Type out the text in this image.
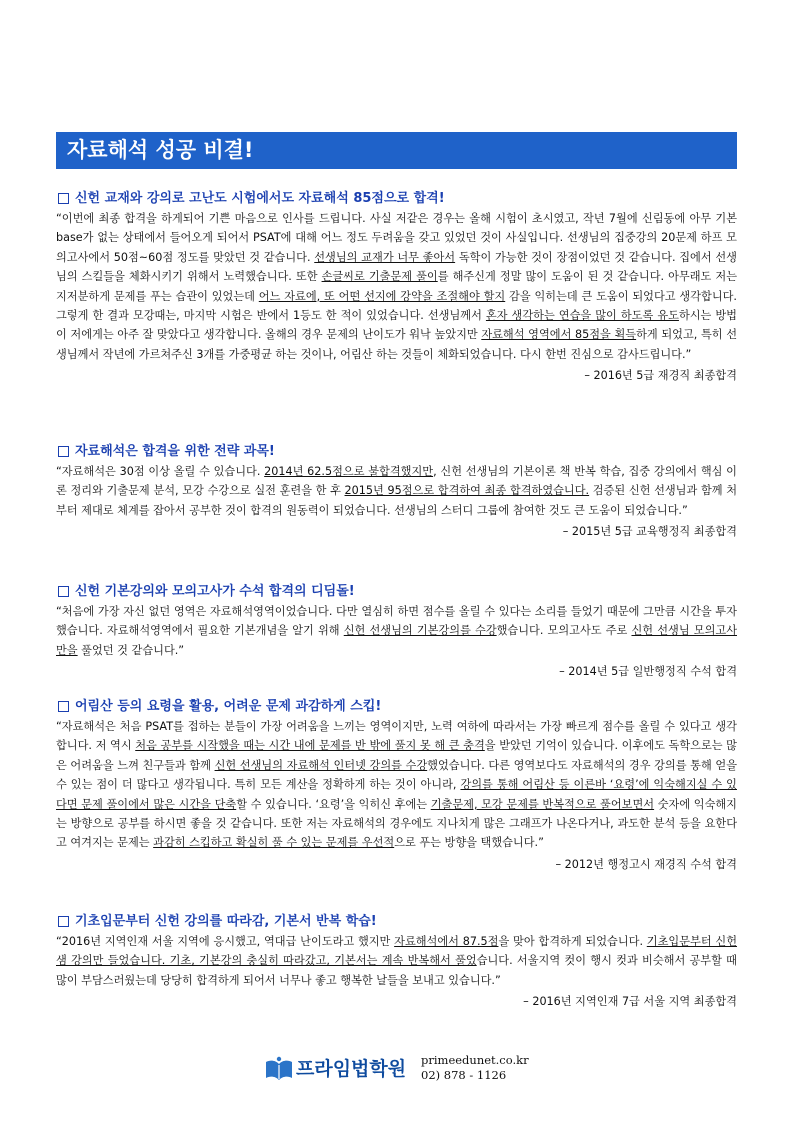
자료해석 성공 비결!
신헌 교재와 강의로 고난도 시험에서도 자료해석 85점으로 합격!

“이번에 최종 합격을 하게되어 기쁜 마음으로 인사를 드립니다. 사실 저같은 경우는 올해 시험이 초시였고, 작년 7월에 신림동에 아무 기본 base가 없는 상태에서 들어오게 되어서 PSAT에 대해 어느 정도 두려움을 갖고 있었던 것이 사실입니다. 선생님의 집중강의 20문제 하프 모의고사에서 50점~60점 정도를 맞았던 것 같습니다. 선생님의 교재가 너무 좋아서 독학이 가능한 것이 장점이었던 것 같습니다. 집에서 선생님의 스킬들을 체화시키기 위해서 노력했습니다. 또한 손글씨로 기출문제 풀이를 해주신게 정말 많이 도움이 된 것 같습니다. 아무래도 저는 지저분하게 문제를 푸는 습관이 있었는데 어느 자료에, 또 어떤 선지에 강약을 조절해야 할지 감을 익히는데 큰 도움이 되었다고 생각합니다. 그렇게 한 결과 모강때는, 마지막 시험은 반에서 1등도 한 적이 있었습니다. 선생님께서 혼자 생각하는 연습을 많이 하도록 유도하시는 방법이 저에게는 아주 잘 맞았다고 생각합니다. 올해의 경우 문제의 난이도가 워낙 높았지만 자료해석 영역에서 85점을 획득하게 되었고, 특히 선생님께서 작년에 가르쳐주신 3개를 가중평균 하는 것이나, 어림산 하는 것들이 체화되었습니다. 다시 한번 진심으로 감사드립니다.”

– 2016년 5급 재경직 최종합격
자료해석은 합격을 위한 전략 과목!

“자료해석은 30점 이상 올릴 수 있습니다. 2014년 62.5점으로 불합격했지만, 신헌 선생님의 기본이론 책 반복 학습, 집중 강의에서 핵심 이론 정리와 기출문제 분석, 모강 수강으로 실전 훈련을 한 후 2015년 95점으로 합격하여 최종 합격하였습니다. 검증된 신헌 선생님과 함께 처부터 제대로 체계를 잡아서 공부한 것이 합격의 원동력이 되었습니다. 선생님의 스터디 그룹에 참여한 것도 큰 도움이 되었습니다.”

– 2015년 5급 교육행정직 최종합격
신헌 기본강의와 모의고사가 수석 합격의 디딤돌!

“처음에 가장 자신 없던 영역은 자료해석영역이었습니다. 다만 열심히 하면 점수를 올릴 수 있다는 소리를 들었기 때문에 그만큼 시간을 투자했습니다. 자료해석영역에서 필요한 기본개념을 알기 위해 신헌 선생님의 기본강의를 수강했습니다. 모의고사도 주로 신헌 선생님 모의고사만을 풀었던 것 같습니다.”

– 2014년 5급 일반행정직 수석 합격
어림산 등의 요령을 활용, 어려운 문제 과감하게 스킵!

“자료해석은 처음 PSAT를 접하는 분들이 가장 어려움을 느끼는 영역이지만, 노력 여하에 따라서는 가장 빠르게 점수를 올릴 수 있다고 생각합니다. 저 역시 처음 공부를 시작했을 때는 시간 내에 문제를 반 밖에 풀지 못 해 큰 충격을 받았던 기억이 있습니다. 이후에도 독학으로는 많은 어려움을 느껴 친구들과 함께 신헌 선생님의 자료해석 인터넷 강의를 수강했었습니다. 다른 영역보다도 자료해석의 경우 강의를 통해 얻을 수 있는 점이 더 많다고 생각됩니다. 특히 모든 계산을 정확하게 하는 것이 아니라, 강의를 통해 어림산 등 이른바 ‘요령’에 익숙해지실 수 있다면 문제 풀이에서 많은 시간을 단축할 수 있습니다. ‘요령’을 익히신 후에는 기출문제, 모강 문제를 반복적으로 풀어보면서 숫자에 익숙해지는 방향으로 공부를 하시면 좋을 것 같습니다. 또한 저는 자료해석의 경우에도 지나치게 많은 그래프가 나온다거나, 과도한 분석 등을 요한다고 여겨지는 문제는 과감히 스킵하고 확실히 풀 수 있는 문제를 우선적으로 푸는 방향을 택했습니다.”

– 2012년 행정고시 재경직 수석 합격
기초입문부터 신헌 강의를 따라감, 기본서 반복 학습!

“2016년 지역인재 서울 지역에 응시했고, 역대급 난이도라고 했지만 자료해석에서 87.5점을 맞아 합격하게 되었습니다. 기초입문부터 신헌 샘 강의만 들었습니다. 기초, 기본강의 충실히 따라갔고, 기본서는 계속 반복해서 풀었습니다. 서울지역 컷이 행시 컷과 비슷해서 공부할 때 많이 부담스러웠는데 당당히 합격하게 되어서 너무나 좋고 행복한 날들을 보내고 있습니다.”

– 2016년 지역인재 7급 서울 지역 최종합격
프라임법학원 primeedunet.co.kr
02) 878 - 1126
